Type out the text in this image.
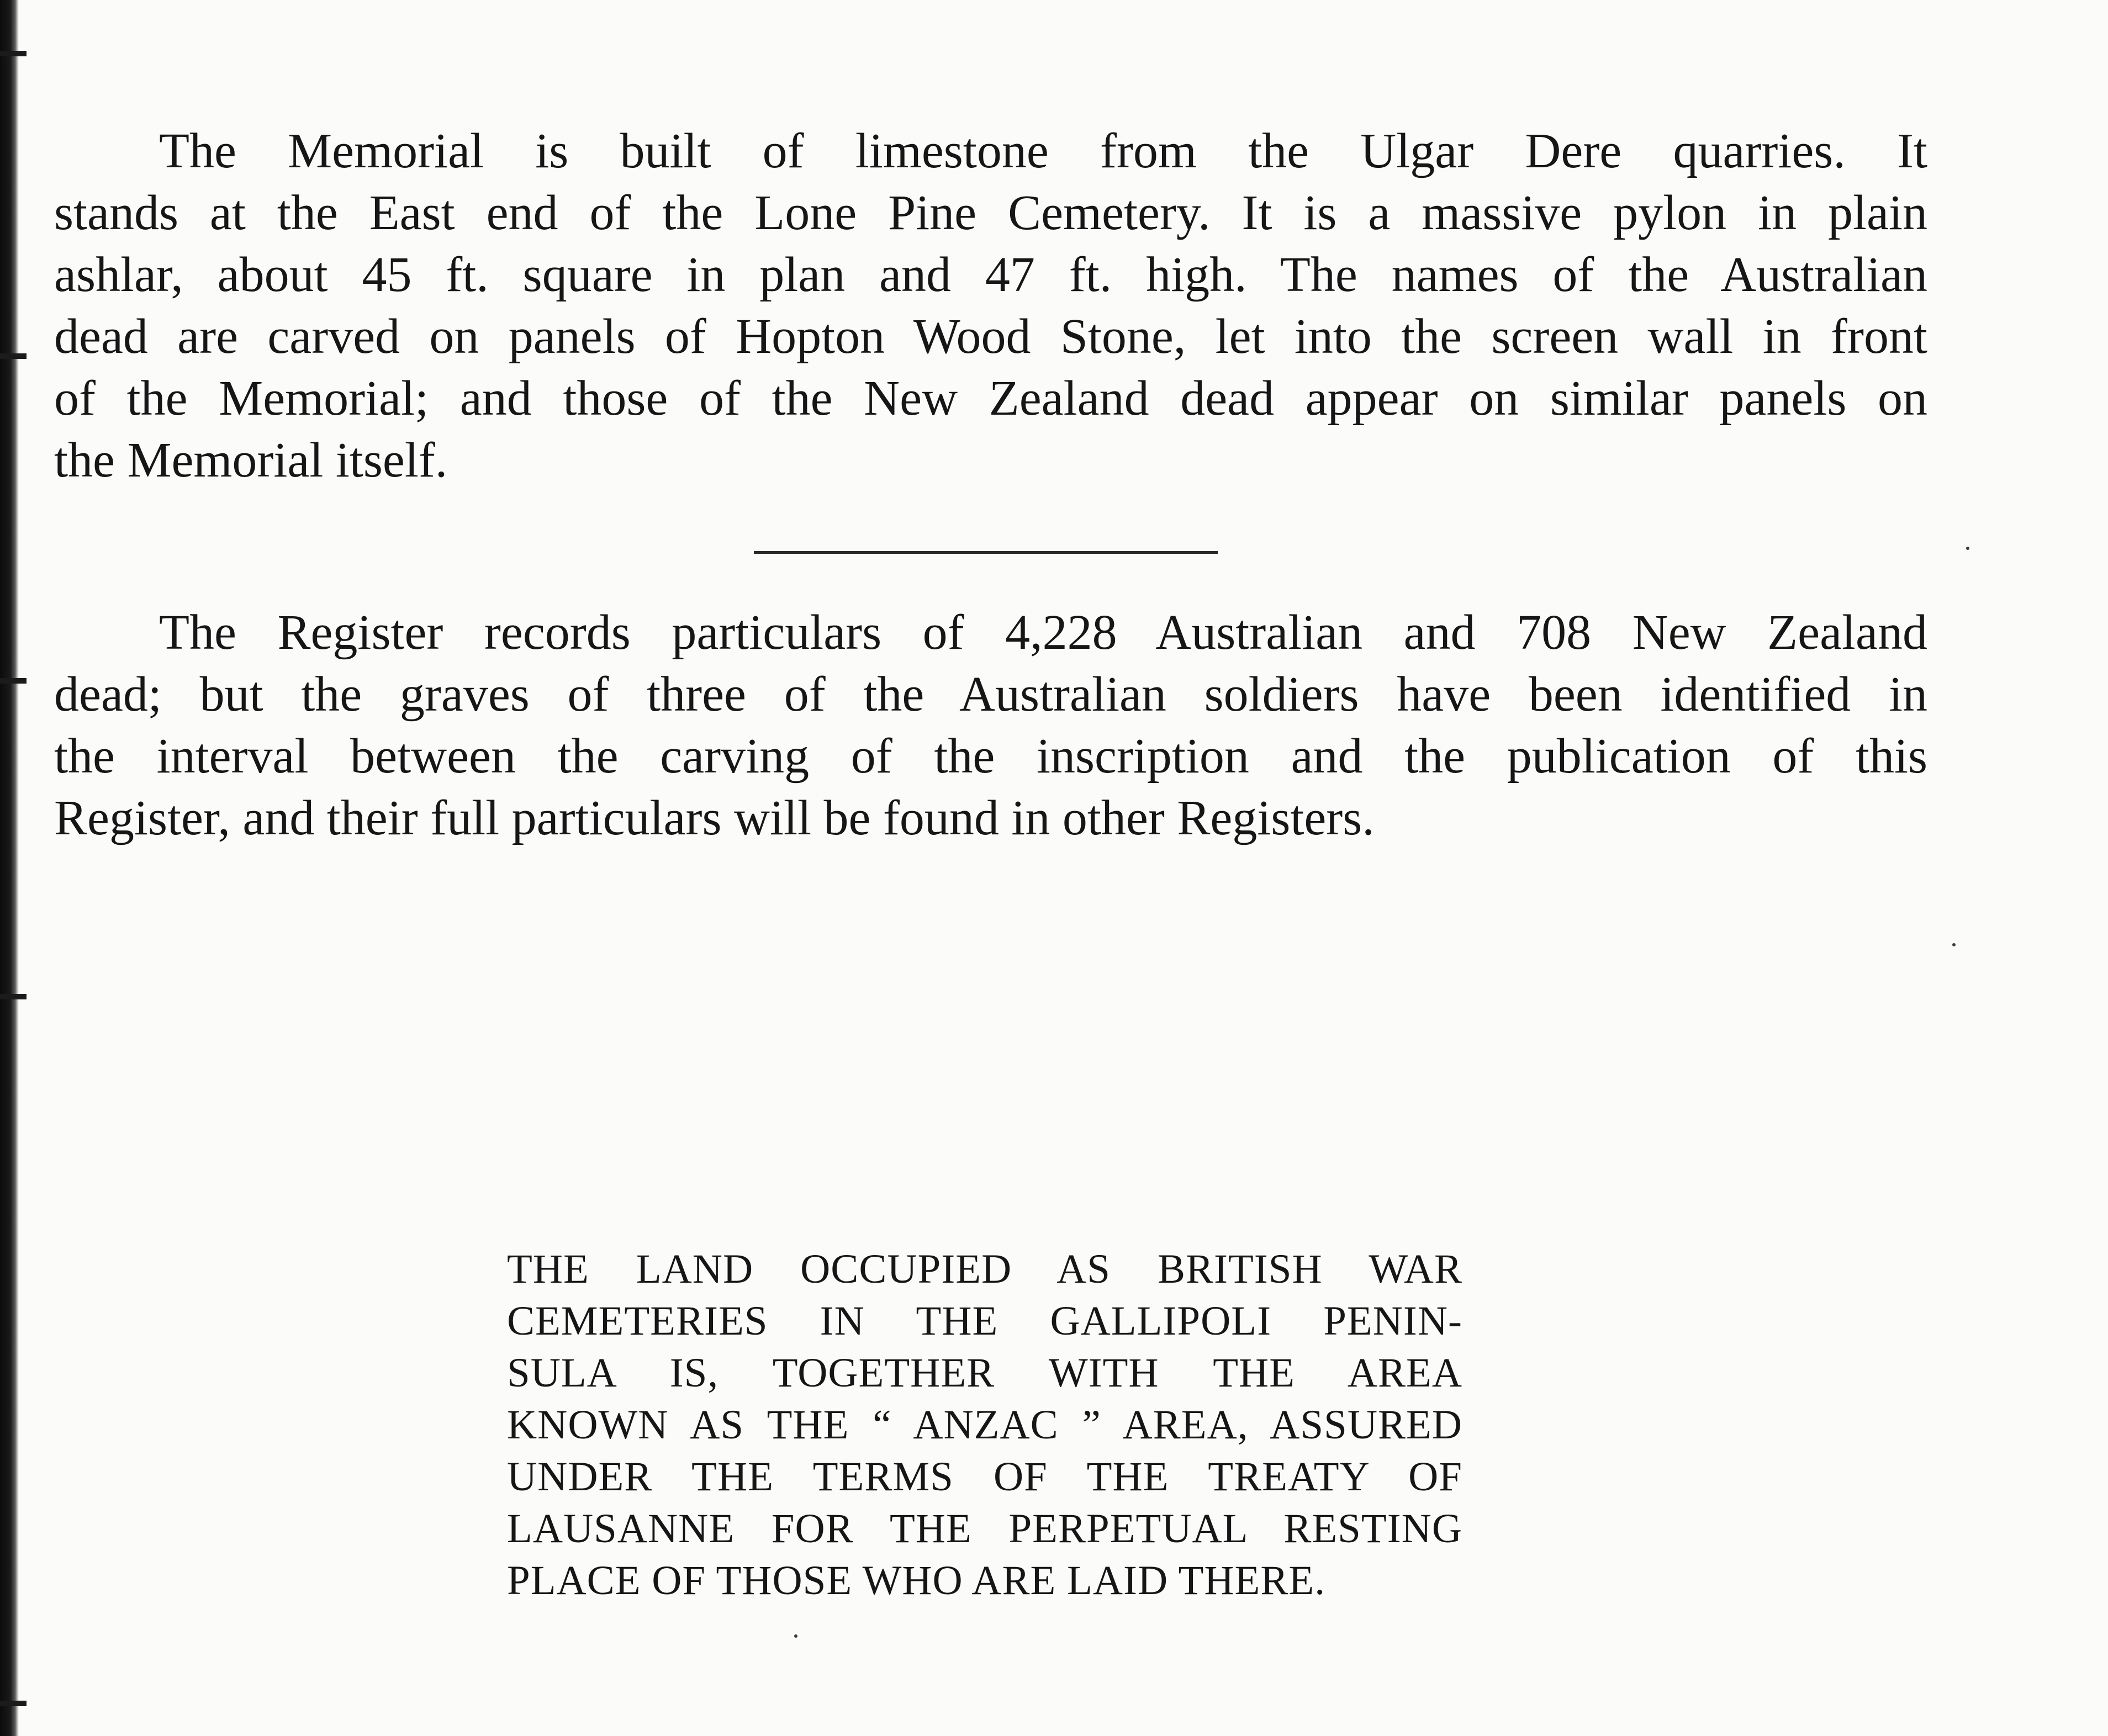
The Memorial is built of limestone from the Ulgar Dere quarries. It
stands at the East end of the Lone Pine Cemetery. It is a massive pylon in plain
ashlar, about 45 ft. square in plan and 47 ft. high. The names of the Australian
dead are carved on panels of Hopton Wood Stone, let into the screen wall in front
of the Memorial; and those of the New Zealand dead appear on similar panels on
the Memorial itself.

The Register records particulars of 4,228 Australian and 708 New Zealand
dead; but the graves of three of the Australian soldiers have been identified in
the interval between the carving of the inscription and the publication of this
Register, and their full particulars will be found in other Registers.

THE LAND OCCUPIED AS BRITISH WAR
CEMETERIES IN THE GALLIPOLI PENIN-
SULA IS, TOGETHER WITH THE AREA
KNOWN AS THE “ ANZAC ” AREA, ASSURED
UNDER THE TERMS OF THE TREATY OF
LAUSANNE FOR THE PERPETUAL RESTING
PLACE OF THOSE WHO ARE LAID THERE.
